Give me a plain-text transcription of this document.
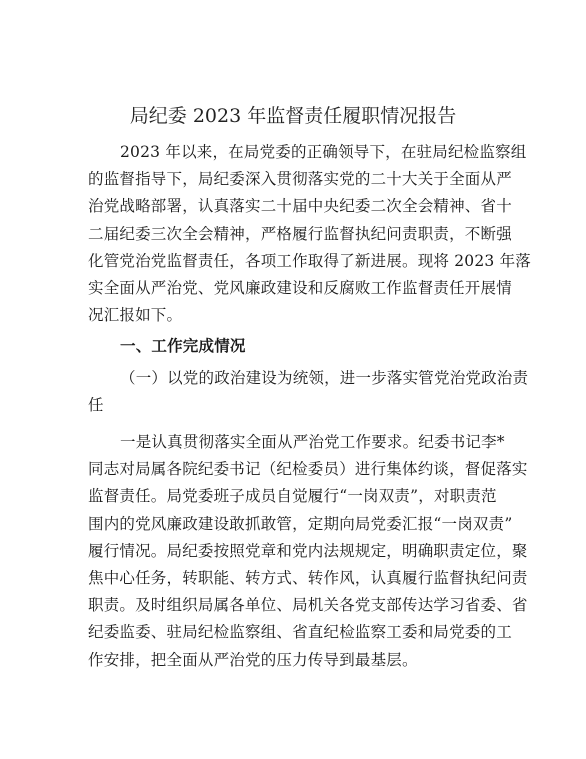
局纪委 2023 年监督责任履职情况报告
2023 年以来，在局党委的正确领导下，在驻局纪检监察组
的监督指导下，局纪委深入贯彻落实党的二十大关于全面从严
治党战略部署，认真落实二十届中央纪委二次全会精神、省十
二届纪委三次全会精神，严格履行监督执纪问责职责，不断强
化管党治党监督责任，各项工作取得了新进展。现将 2023 年落
实全面从严治党、党风廉政建设和反腐败工作监督责任开展情
况汇报如下。
一、工作完成情况
（一）以党的政治建设为统领，进一步落实管党治党政治责
任
一是认真贯彻落实全面从严治党工作要求。纪委书记李*
同志对局属各院纪委书记（纪检委员）进行集体约谈，督促落实
监督责任。局党委班子成员自觉履行“一岗双责”，对职责范
围内的党风廉政建设敢抓敢管，定期向局党委汇报“一岗双责”
履行情况。局纪委按照党章和党内法规规定，明确职责定位，聚
焦中心任务，转职能、转方式、转作风，认真履行监督执纪问责
职责。及时组织局属各单位、局机关各党支部传达学习省委、省
纪委监委、驻局纪检监察组、省直纪检监察工委和局党委的工
作安排，把全面从严治党的压力传导到最基层。
